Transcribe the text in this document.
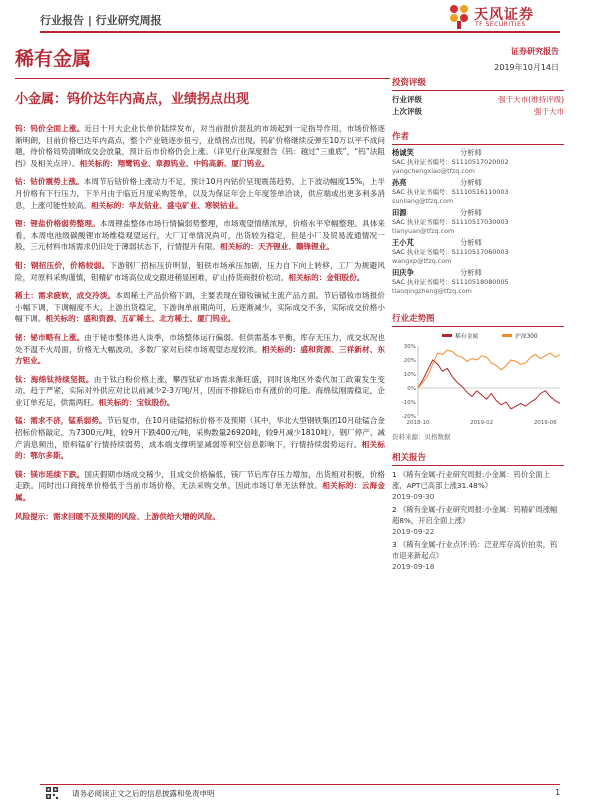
行业报告 | 行业研究周报	天风证券
TF SECURITIES
稀有金属	证券研究报告
2019年10月14日
小金属：钨价达年内高点，业绩拐点出现

钨：钨价全面上涨。近日十月大企业长单价陆续发布，对当前报价混乱的市场起到一定指导作用，市场价格逐渐明朗，目前价格已达年内高点，整个产业链逐步扭亏，业绩拐点出现。钨矿价格继续反弹至10万以平不成问题，待价格局势清晰成交会放量，预计后市价格仍会上涨。（详见行业深度报告《钨：越过“三重底”，“钨”法阻挡》及相关点评）。相关标的：翔鹭钨业、章源钨业、中钨高新、厦门钨业。

钴：钴价震势上涨。本周节后钴价格上涨动力不足，预计10月内钴价呈现震荡趋势，上下波动幅度15%，上半月价格有下行压力，下半月由于临近月度采购签单，以及为保证年会上年度签单洽谈，供应端或出更多利多消息，上涨可能性较高。相关标的：华友钴业、盛屯矿业、寒锐钴业。

锂：锂盐价格弱势整理。本周锂盐整体市场行情偏弱势整理，市场观望情绪浓厚，价格水平窄幅整理。具体来看，本周电池级碳酸锂市场维稳观望运行，大厂订单情况尚可，出货较为稳定，但是小厂及贸易流通情况一般，三元材料市场需求仍旧处于薄弱状态下，行情提升有限。相关标的：天齐锂业、赣锋锂业。

钼：钢招压价，价格较弱。下游钢厂招标压价明显，钼铁市场承压加剧，压力自下向上转移，工厂为规避风险，对原料采购谨慎，钼精矿市场高位成交跟进稍显困难，矿山持货商报价松动。相关标的：金钼股份。

稀土：需求疲软，成交冷淡。本周稀土产品价格下调，主要表现在镨钕镝铽主流产品方面。节后镨钕市场报价小幅下调，下调幅度不大，上游出货稳定，下游询单前期尚可，后逐渐减少，实际成交不多，实际成交价格小幅下调。相关标的：盛和资源、五矿稀土、北方稀土、厦门钨业。

铋：铋市略有上涨。由于铋市整体进入淡季，市场整体运行偏弱。但供需基本平衡，库存无压力，成交状况也处不温不火局面，价格无大幅波动，多数厂家对后续市场观望态度较浓。相关标的：盛和资源、三祥新材、东方钽业。

钛：海绵钛持续坚挺。由于钛白粉价格上涨，攀西钛矿市场需求渐旺盛，同时该地区外委代加工政策发生变动，趋于严紧，实际对外供应对比以前减少2-3万吨/月，因而不排除后市有涨价的可能。海绵钛刚需稳定，企业订单充足，供需两旺。相关标的：宝钛股份。

锰：需求不济，锰系弱势。节后复市，在10月硅锰招标价格不及预期（其中，华北大型钢铁集团10月硅锰合金招标价格敲定，为7300元/吨，较9月下跌400元/吨，采购数量26920吨，较9月减少1810吨），钢厂停产、减产消息频出，原料锰矿行情持续弱势，成本端支撑明显减弱等利空信息影响下，行情持续弱势运行。相关标的：鄂尔多斯。

镁：镁市延续下跌。国庆假期市场成交稀少，且成交价格偏低，镁厂节后库存压力增加，出货相对积极，价格走跌。同时出口商接单价格低于当前市场价格，无法采购交单，因此市场订单无法释放。相关标的：云海金属。

风险提示：需求回暖不及预期的风险、上游供给大增的风险。
投资评级
行业评级	强于大市(维持评级)
上次评级	强于大市
作者
杨诚笑	分析师
SAC 执业证书编号：S1110517020002
yangchengxiao@tfzq.com
孙亮	分析师
SAC 执业证书编号：S1110516110003
sunliang@tfzq.com
田源	分析师
SAC 执业证书编号：S1110517030003
tianyuan@tfzq.com
王小芃	分析师
SAC 执业证书编号：S1110517060003
wangxp@tfzq.com
田庆争	分析师
SAC 执业证书编号：S1110518080005
tianqingzheng@tfzq.com
行业走势图
30%
20%
10%
0%
-10%
-20%
2018-10	2019-02	2019-06
稀有金属	沪深300
资料来源：贝格数据
相关报告
1 《稀有金属-行业研究周报:小金属：钨价全面上涨，APT已高部上涨31.48%》
2019-09-30
2 《稀有金属-行业研究周报:小金属：钨精矿周涨幅超8%，开启全面上涨》
2019-09-22
3 《稀有金属-行业点评:钨：泛亚库存高价拍卖，钨市迎来新起点》
2019-09-18
请务必阅读正文之后的信息披露和免责申明	1
